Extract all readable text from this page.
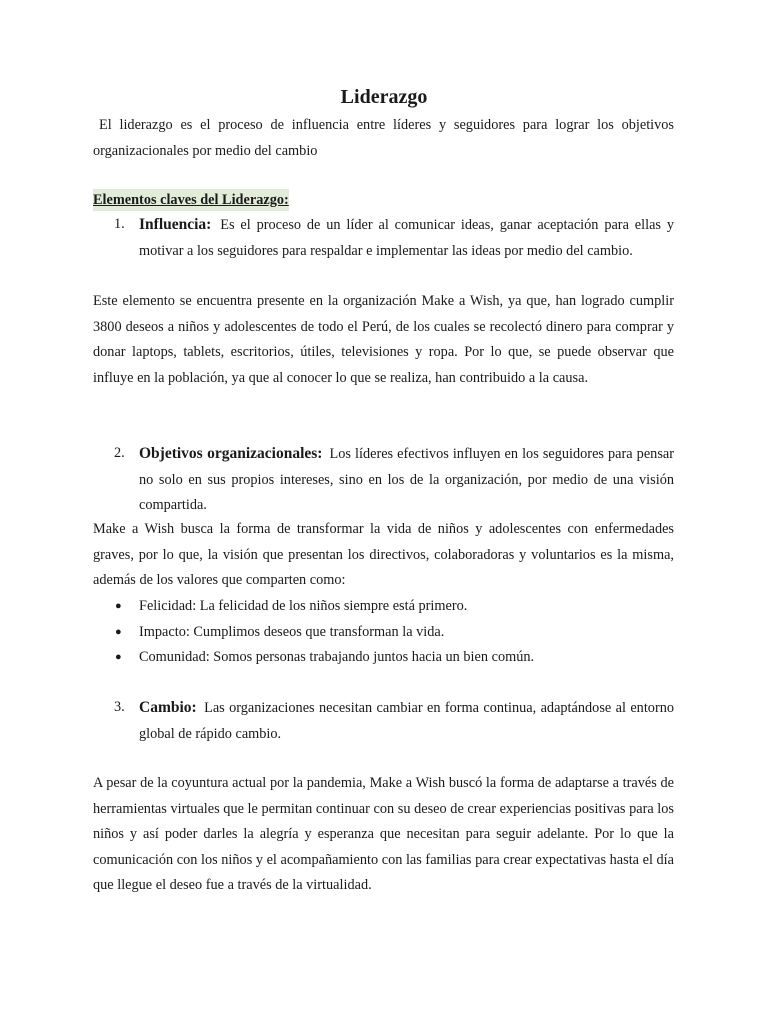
Liderazgo

El liderazgo es el proceso de influencia entre líderes y seguidores para lograr los objetivos organizacionales por medio del cambio

Elementos claves del Liderazgo:

1. Influencia: Es el proceso de un líder al comunicar ideas, ganar aceptación para ellas y motivar a los seguidores para respaldar e implementar las ideas por medio del cambio.

Este elemento se encuentra presente en la organización Make a Wish, ya que, han logrado cumplir 3800 deseos a niños y adolescentes de todo el Perú, de los cuales se recolectó dinero para comprar y donar laptops, tablets, escritorios, útiles, televisiones y ropa. Por lo que, se puede observar que influye en la población, ya que al conocer lo que se realiza, han contribuido a la causa.

2. Objetivos organizacionales: Los líderes efectivos influyen en los seguidores para pensar no solo en sus propios intereses, sino en los de la organización, por medio de una visión compartida.

Make a Wish busca la forma de transformar la vida de niños y adolescentes con enfermedades graves, por lo que, la visión que presentan los directivos, colaboradoras y voluntarios es la misma, además de los valores que comparten como:

● Felicidad: La felicidad de los niños siempre está primero.
● Impacto: Cumplimos deseos que transforman la vida.
● Comunidad: Somos personas trabajando juntos hacia un bien común.
3. Cambio: Las organizaciones necesitan cambiar en forma continua, adaptándose al entorno global de rápido cambio.

A pesar de la coyuntura actual por la pandemia, Make a Wish buscó la forma de adaptarse a través de herramientas virtuales que le permitan continuar con su deseo de crear experiencias positivas para los niños y así poder darles la alegría y esperanza que necesitan para seguir adelante. Por lo que la comunicación con los niños y el acompañamiento con las familias para crear expectativas hasta el día que llegue el deseo fue a través de la virtualidad.
